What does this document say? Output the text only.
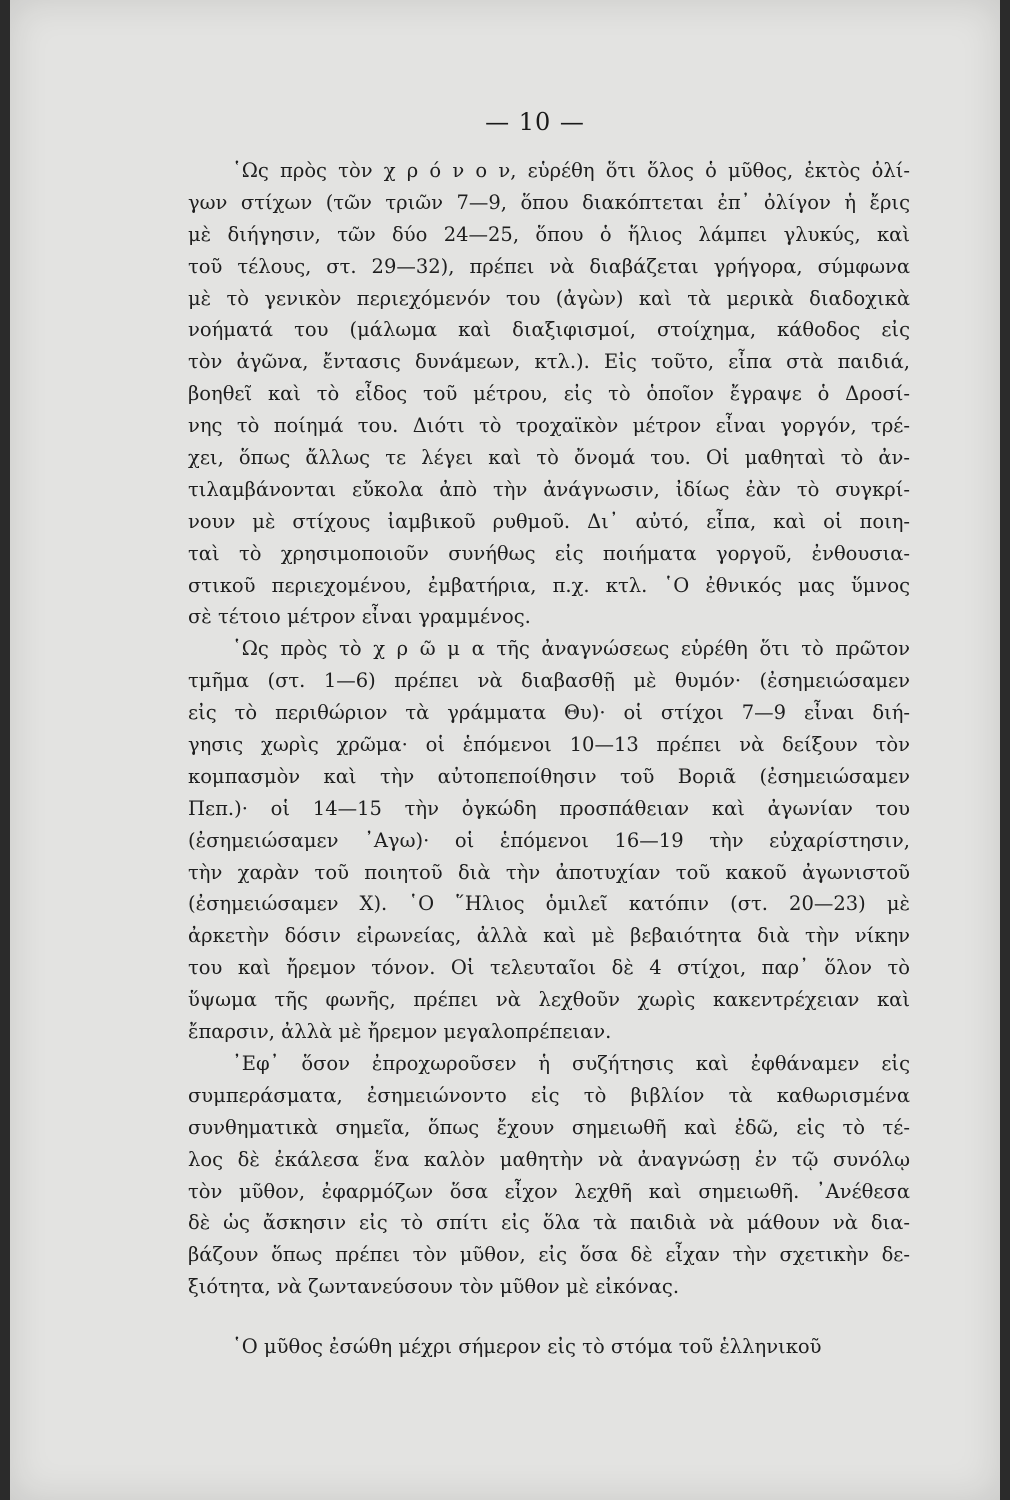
— 10 —
῾Ως πρὸς τὸν χ ρ ό ν ο ν, εὑρέθη ὅτι ὅλος ὁ μῦθος, ἐκτὸς ὀλί-
γων στίχων (τῶν τριῶν 7—9, ὅπου διακόπτεται ἐπ᾽ ὀλίγον ἡ ἔρις
μὲ διήγησιν, τῶν δύο 24—25, ὅπου ὁ ἥλιος λάμπει γλυκύς, καὶ
τοῦ τέλους, στ. 29—32), πρέπει νὰ διαβάζεται γρήγορα, σύμφωνα
μὲ τὸ γενικὸν περιεχόμενόν του (ἀγὼν) καὶ τὰ μερικὰ διαδοχικὰ
νοήματά του (μάλωμα καὶ διαξιφισμοί, στοίχημα, κάθοδος εἰς
τὸν ἀγῶνα, ἔντασις δυνάμεων, κτλ.). Εἰς τοῦτο, εἶπα στὰ παιδιά,
βοηθεῖ καὶ τὸ εἶδος τοῦ μέτρου, εἰς τὸ ὁποῖον ἔγραψε ὁ Δροσί-
νης τὸ ποίημά του. Διότι τὸ τροχαϊκὸν μέτρον εἶναι γοργόν, τρέ-
χει, ὅπως ἄλλως τε λέγει καὶ τὸ ὄνομά του. Οἱ μαθηταὶ τὸ ἀν-
τιλαμβάνονται εὔκολα ἀπὸ τὴν ἀνάγνωσιν, ἰδίως ἐὰν τὸ συγκρί-
νουν μὲ στίχους ἰαμβικοῦ ρυθμοῦ. Δι᾽ αὐτό, εἶπα, καὶ οἱ ποιη-
ταὶ τὸ χρησιμοποιοῦν συνήθως εἰς ποιήματα γοργοῦ, ἐνθουσια-
στικοῦ περιεχομένου, ἐμβατήρια, π.χ. κτλ. ῾Ο ἐθνικός μας ὕμνος
σὲ τέτοιο μέτρον εἶναι γραμμένος.
῾Ως πρὸς τὸ χ ρ ῶ μ α τῆς ἀναγνώσεως εὑρέθη ὅτι τὸ πρῶτον
τμῆμα (στ. 1—6) πρέπει νὰ διαβασθῇ μὲ θυμόν· (ἐσημειώσαμεν
εἰς τὸ περιθώριον τὰ γράμματα Θυ)· οἱ στίχοι 7—9 εἶναι διή-
γησις χωρὶς χρῶμα· οἱ ἑπόμενοι 10—13 πρέπει νὰ δείξουν τὸν
κομπασμὸν καὶ τὴν αὐτοπεποίθησιν τοῦ Βοριᾶ (ἐσημειώσαμεν
Πεπ.)· οἱ 14—15 τὴν ὀγκώδη προσπάθειαν καὶ ἀγωνίαν του
(ἐσημειώσαμεν ᾿Αγω)· οἱ ἑπόμενοι 16—19 τὴν εὐχαρίστησιν,
τὴν χαρὰν τοῦ ποιητοῦ διὰ τὴν ἀποτυχίαν τοῦ κακοῦ ἀγωνιστοῦ
(ἐσημειώσαμεν Χ). ῾Ο ῞Ηλιος ὁμιλεῖ κατόπιν (στ. 20—23) μὲ
ἀρκετὴν δόσιν εἰρωνείας, ἀλλὰ καὶ μὲ βεβαιότητα διὰ τὴν νίκην
του καὶ ἤρεμον τόνον. Οἱ τελευταῖοι δὲ 4 στίχοι, παρ᾽ ὅλον τὸ
ὕψωμα τῆς φωνῆς, πρέπει νὰ λεχθοῦν χωρὶς κακεντρέχειαν καὶ
ἔπαρσιν, ἀλλὰ μὲ ἤρεμον μεγαλοπρέπειαν.
᾿Εφ᾽ ὅσον ἐπροχωροῦσεν ἡ συζήτησις καὶ ἐφθάναμεν εἰς
συμπεράσματα, ἐσημειώνοντο εἰς τὸ βιβλίον τὰ καθωρισμένα
συνθηματικὰ σημεῖα, ὅπως ἔχουν σημειωθῆ καὶ ἐδῶ, εἰς τὸ τέ-
λος δὲ ἐκάλεσα ἕνα καλὸν μαθητὴν νὰ ἀναγνώσῃ ἐν τῷ συνόλῳ
τὸν μῦθον, ἐφαρμόζων ὅσα εἶχον λεχθῆ καὶ σημειωθῆ. ᾿Ανέθεσα
δὲ ὡς ἄσκησιν εἰς τὸ σπίτι εἰς ὅλα τὰ παιδιὰ νὰ μάθουν νὰ δια-
βάζουν ὅπως πρέπει τὸν μῦθον, εἰς ὅσα δὲ εἶχαν τὴν σχετικὴν δε-
ξιότητα, νὰ ζωντανεύσουν τὸν μῦθον μὲ εἰκόνας.
῾Ο μῦθος ἐσώθη μέχρι σήμερον εἰς τὸ στόμα τοῦ ἑλληνικοῦ
